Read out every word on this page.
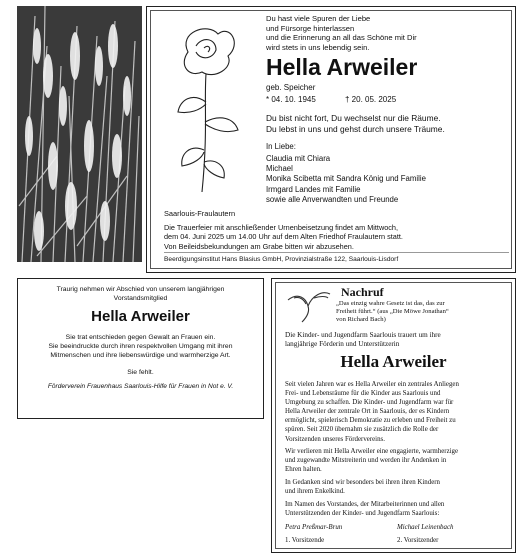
Du hast viele Spuren der Liebe
und Fürsorge hinterlassen
und die Erinnerung an all das Schöne mit Dir
wird stets in uns lebendig sein.

Hella Arweiler

geb. Speicher

* 04. 10. 1945	† 20. 05. 2025

Du bist nicht fort, Du wechselst nur die Räume.
Du lebst in uns und gehst durch unsere Träume.

In Liebe:

Claudia mit Chiara
Michael
Monika Scibetta mit Sandra König und Familie
Irmgard Landes mit Familie
sowie alle Anverwandten und Freunde

Saarlouis-Fraulautern

Die Trauerfeier mit anschließender Urnenbeisetzung findet am Mittwoch,
dem 04. Juni 2025 um 14.00 Uhr auf dem Alten Friedhof Fraulautern statt.
Von Beileidsbekundungen am Grabe bitten wir abzusehen.

Beerdigungsinstitut Hans Blasius GmbH, Provinzialstraße 122, Saarlouis-Lisdorf

Traurig nehmen wir Abschied von unserem langjährigen
Vorstandsmitglied

Hella Arweiler

Sie trat entschieden gegen Gewalt an Frauen ein.
Sie beeindruckte durch ihren respektvollen Umgang mit ihren
Mitmenschen und ihre liebenswürdige und warmherzige Art.

Sie fehlt.

Förderverein Frauenhaus Saarlouis-Hilfe für Frauen in Not e. V.

Nachruf

„Das einzig wahre Gesetz ist das, das zur
Freiheit führt.“ (aus „Die Möwe Jonathan“
von Richard Bach)

Die Kinder- und Jugendfarm Saarlouis trauert um ihre
langjährige Förderin und Unterstützerin

Hella Arweiler

Seit vielen Jahren war es Hella Arweiler ein zentrales Anliegen
Frei- und Lebensräume für die Kinder aus Saarlouis und
Umgebung zu schaffen. Die Kinder- und Jugendfarm war für
Hella Arweiler der zentrale Ort in Saarlouis, der es Kindern
ermöglicht, spielerisch Demokratie zu erleben und Freiheit zu
spüren. Seit 2020 übernahm sie zusätzlich die Rolle der
Vorsitzenden unseres Fördervereins.

Wir verlieren mit Hella Arweiler eine engagierte, warmherzige
und zugewandte Mitstreiterin und werden ihr Andenken in
Ehren halten.

In Gedanken sind wir besonders bei ihren ihren Kindern
und ihrem Enkelkind.

Im Namen des Vorstandes, der Mitarbeiterinnen und allen
Unterstützenden der Kinder- und Jugendfarm Saarlouis:

Petra Preßmar-Brun

1. Vorsitzende

Michael Leinenbach

2. Vorsitzender
